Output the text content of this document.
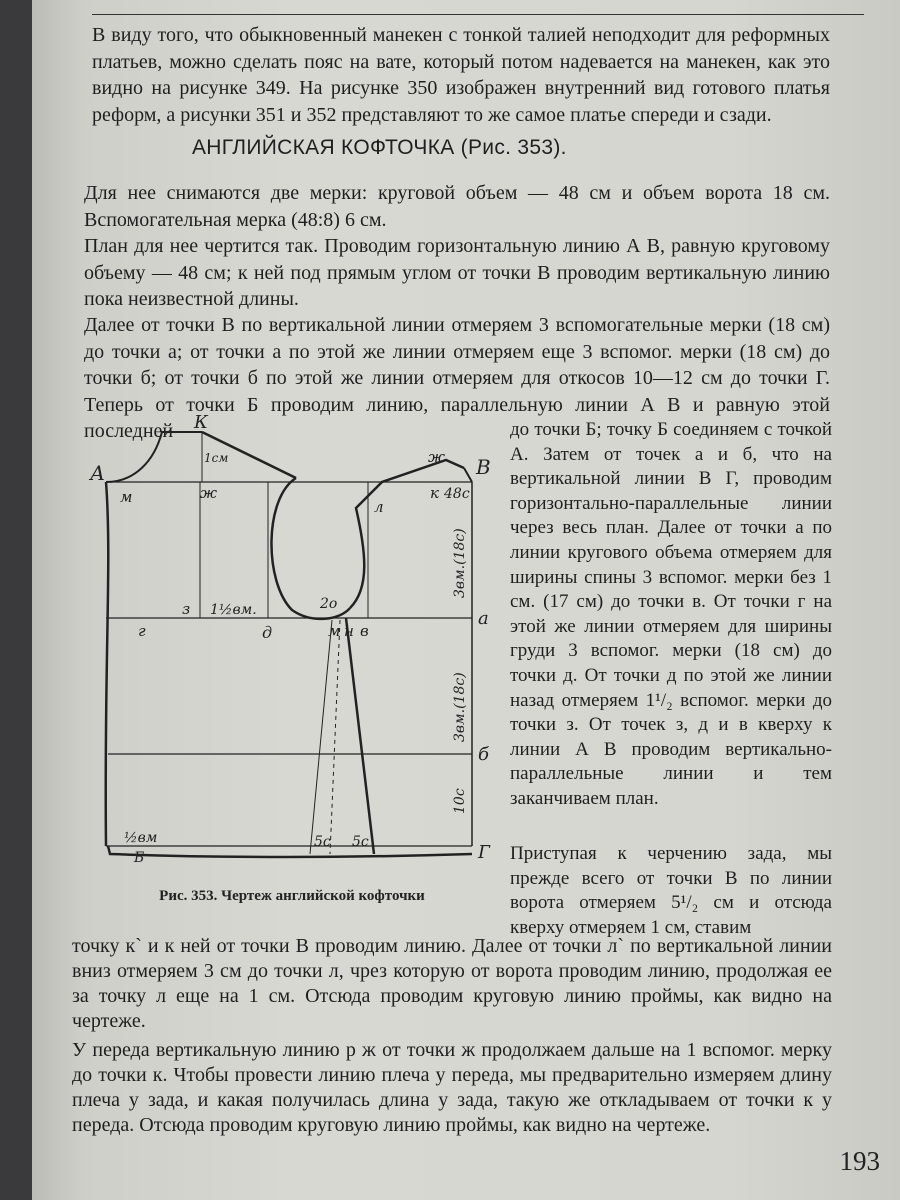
В виду того, что обыкновенный манекен с тонкой талией неподходит для реформных платьев, можно сделать пояс на вате, который потом надевается на манекен, как это видно на рисунке 349. На рисунке 350 изображен внутренний вид готового платья реформ, а рисунки 351 и 352 представляют то же самое платье спереди и сзади.

АНГЛИЙСКАЯ КОФТОЧКА (Рис. 353).

Для нее снимаются две мерки: круговой объем — 48 см и объем ворота 18 см. Вспомогательная мерка (48:8) 6 см.

План для нее чертится так. Проводим горизонтальную линию А В, равную круговому объему — 48 см; к ней под прямым углом от точки В проводим вертикальную линию пока неизвестной длины.

Далее от точки В по вертикальной линии отмеряем 3 вспомогательные мерки (18 см) до точки а; от точки а по этой же линии отмеряем еще 3 вспомог. мерки (18 см) до точки б; от точки б по этой же линии отмеряем для откосов 10—12 см до точки Г. Теперь от точки Б проводим линию, параллельную линии А В и равную этой последней	до точки Б; точку Б соединяем с точкой А. Затем от точек а и б, что на вертикальной линии В Г, проводим горизонтально-параллельные линии через весь план. Далее от точки а по линии кругового объема отмеряем для ширины спины 3 вспомог. мерки без 1 см. (17 см) до точки в. От точки г на этой же линии отмеряем для ширины груди 3 вспомог. мерки (18 см) до точки д. От точки д по этой же линии назад отмеряем 1¹/₂ вспомог. мерки до точки з. От точек з, д и в кверху к линии А В проводим вертикально-параллельные линии и тем заканчиваем план.

Приступая к черчению зада, мы прежде всего от точки В по линии ворота отмеряем 5¹/₂ см и отсюда кверху отмеряем 1 см, ставим

А	В
К
1см
ж
ж
к 48с
м
л
з 1½вм.	2о
г	д	м н в
а
б
Г
½вм
Б
5с 5с
3вм.(18с)
3вм.(18с)
10с
Рис. 353. Чертеж английской кофточки

точку к` и к ней от точки В проводим линию. Далее от точки л` по вертикальной линии вниз отмеряем 3 см до точки л, чрез которую от ворота проводим линию, продолжая ее за точку л еще на 1 см. Отсюда проводим круговую линию проймы, как видно на чертеже.

У переда вертикальную линию р ж от точки ж продолжаем дальше на 1 вспомог. мерку до точки к. Чтобы провести линию плеча у переда, мы предварительно измеряем длину плеча у зада, и какая получилась длина у зада, такую же откладываем от точки к у переда. Отсюда проводим круговую линию проймы, как видно на чертеже.

193
